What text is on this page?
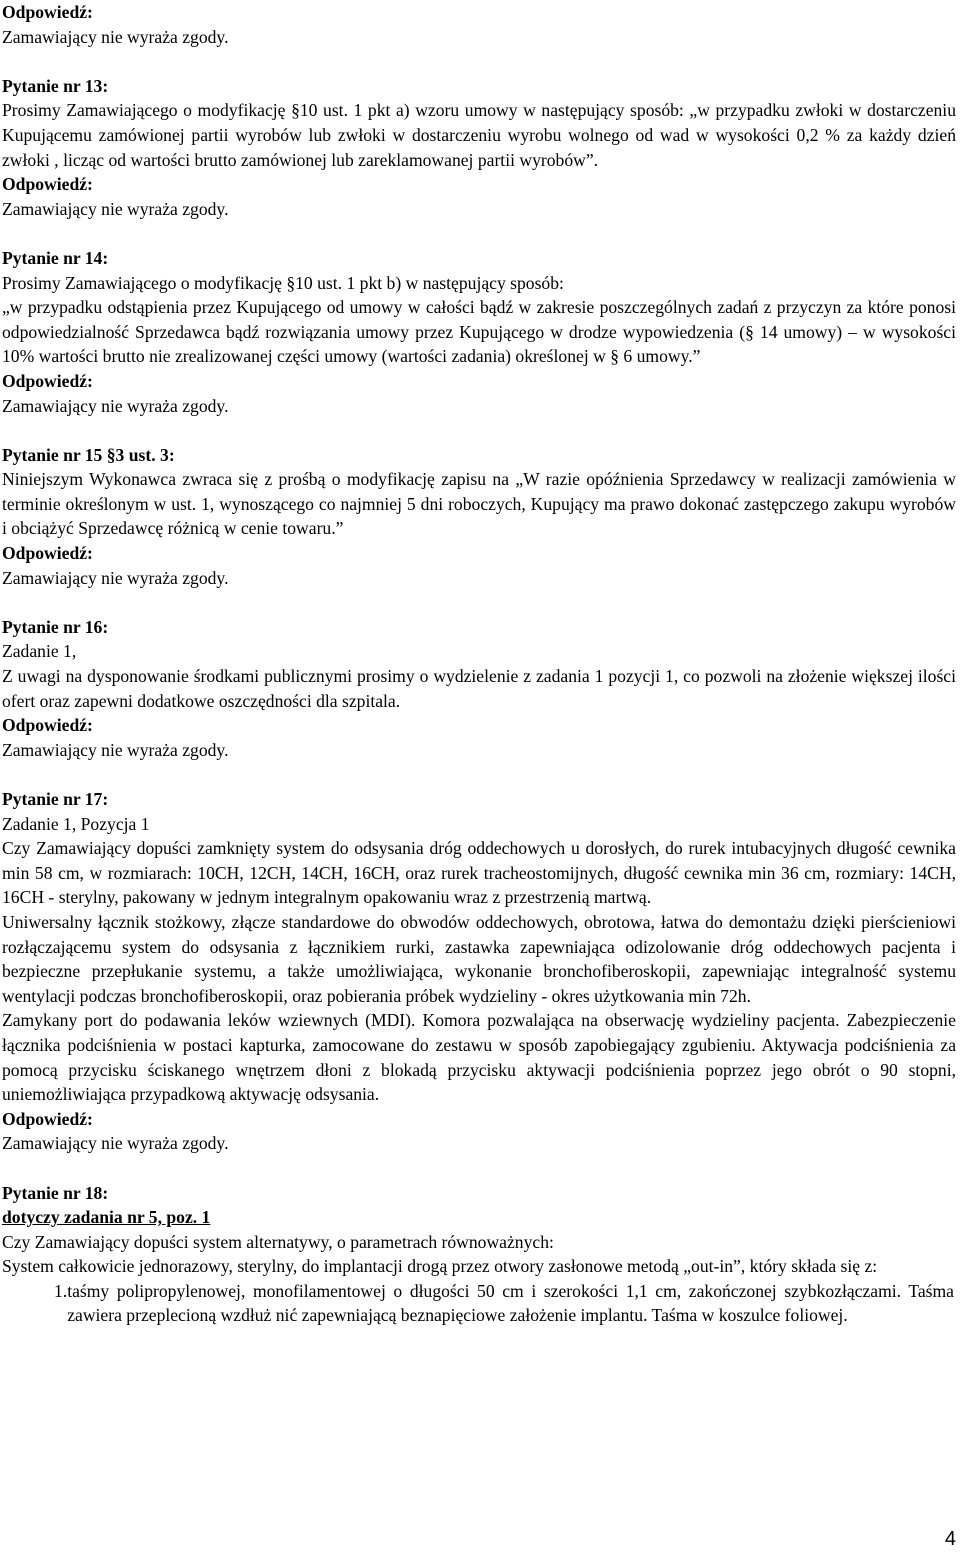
Odpowiedź:

Zamawiający nie wyraża zgody.

Pytanie nr 13:

Prosimy Zamawiającego o modyfikację §10 ust. 1 pkt a) wzoru umowy w następujący sposób: „w przypadku zwłoki w dostarczeniu Kupującemu zamówionej partii wyrobów lub zwłoki w dostarczeniu wyrobu wolnego od wad w wysokości 0,2 % za każdy dzień zwłoki , licząc od wartości brutto zamówionej lub zareklamowanej partii wyrobów”.

Odpowiedź:

Zamawiający nie wyraża zgody.

Pytanie nr 14:

Prosimy Zamawiającego o modyfikację §10 ust. 1 pkt b) w następujący sposób:

„w przypadku odstąpienia przez Kupującego od umowy w całości bądź w zakresie poszczególnych zadań z przyczyn za które ponosi odpowiedzialność Sprzedawca bądź rozwiązania umowy przez Kupującego w drodze wypowiedzenia (§ 14 umowy) – w wysokości 10% wartości brutto nie zrealizowanej części umowy (wartości zadania) określonej w § 6 umowy.”

Odpowiedź:

Zamawiający nie wyraża zgody.

Pytanie nr 15 §3 ust. 3:

Niniejszym Wykonawca zwraca się z prośbą o modyfikację zapisu na „W razie opóźnienia Sprzedawcy w realizacji zamówienia w terminie określonym w ust. 1, wynoszącego co najmniej 5 dni roboczych, Kupujący ma prawo dokonać zastępczego zakupu wyrobów i obciążyć Sprzedawcę różnicą w cenie towaru.”

Odpowiedź:

Zamawiający nie wyraża zgody.

Pytanie nr 16:

Zadanie 1,

Z uwagi na dysponowanie środkami publicznymi prosimy o wydzielenie z zadania 1 pozycji 1, co pozwoli na złożenie większej ilości ofert oraz zapewni dodatkowe oszczędności dla szpitala.

Odpowiedź:

Zamawiający nie wyraża zgody.

Pytanie nr 17:

Zadanie 1, Pozycja 1

Czy Zamawiający dopuści zamknięty system do odsysania dróg oddechowych u dorosłych, do rurek intubacyjnych długość cewnika min 58 cm, w rozmiarach: 10CH, 12CH, 14CH, 16CH, oraz rurek tracheostomijnych, długość cewnika min 36 cm, rozmiary: 14CH, 16CH - sterylny, pakowany w jednym integralnym opakowaniu wraz z przestrzenią martwą.

Uniwersalny łącznik stożkowy, złącze standardowe do obwodów oddechowych, obrotowa, łatwa do demontażu dzięki pierścieniowi rozłączającemu system do odsysania z łącznikiem rurki, zastawka zapewniająca odizolowanie dróg oddechowych pacjenta i bezpieczne przepłukanie systemu, a także umożliwiająca, wykonanie bronchofiberoskopii, zapewniając integralność systemu wentylacji podczas bronchofiberoskopii, oraz pobierania próbek wydzieliny - okres użytkowania min 72h.

Zamykany port do podawania leków wziewnych (MDI). Komora pozwalająca na obserwację wydzieliny pacjenta. Zabezpieczenie łącznika podciśnienia w postaci kapturka, zamocowane do zestawu w sposób zapobiegający zgubieniu. Aktywacja podciśnienia za pomocą przycisku ściskanego wnętrzem dłoni z blokadą przycisku aktywacji podciśnienia poprzez jego obrót o 90 stopni, uniemożliwiająca przypadkową aktywację odsysania.

Odpowiedź:

Zamawiający nie wyraża zgody.

Pytanie nr 18:

dotyczy zadania nr 5, poz. 1

Czy Zamawiający dopuści system alternatywy, o parametrach równoważnych:

System całkowicie jednorazowy, sterylny, do implantacji drogą przez otwory zasłonowe metodą „out-in”, który składa się z:

1. taśmy polipropylenowej, monofilamentowej o długości 50 cm i szerokości 1,1 cm, zakończonej szybkozłączami. Taśma zawiera przeplecioną wzdłuż nić zapewniającą beznapięciowe założenie implantu. Taśma w koszulce foliowej.
4
